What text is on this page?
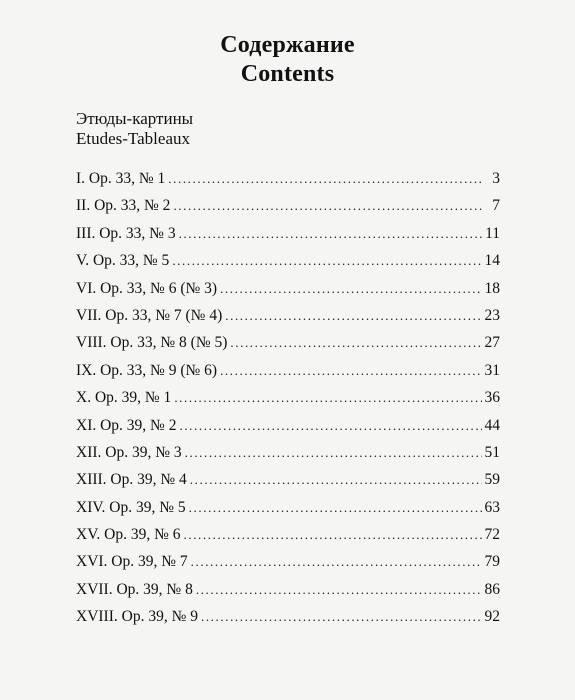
Содержание
Contents
Этюды-картины
Etudes-Tableaux
I. Op. 33, № 1 .....	3
II. Op. 33, № 2 .....	7
III. Op. 33, № 3 .....	11
V. Op. 33, № 5 .....	14
VI. Op. 33, № 6 (№ 3) .....	18
VII. Op. 33, № 7 (№ 4) .....	23
VIII. Op. 33, № 8 (№ 5) .....	27
IX. Op. 33, № 9 (№ 6) .....	31
X. Op. 39, № 1 .....	36
XI. Op. 39, № 2 .....	44
XII. Op. 39, № 3 .....	51
XIII. Op. 39, № 4 .....	59
XIV. Op. 39, № 5 .....	63
XV. Op. 39, № 6 .....	72
XVI. Op. 39, № 7 .....	79
XVII. Op. 39, № 8 .....	86
XVIII. Op. 39, № 9 .....	92
